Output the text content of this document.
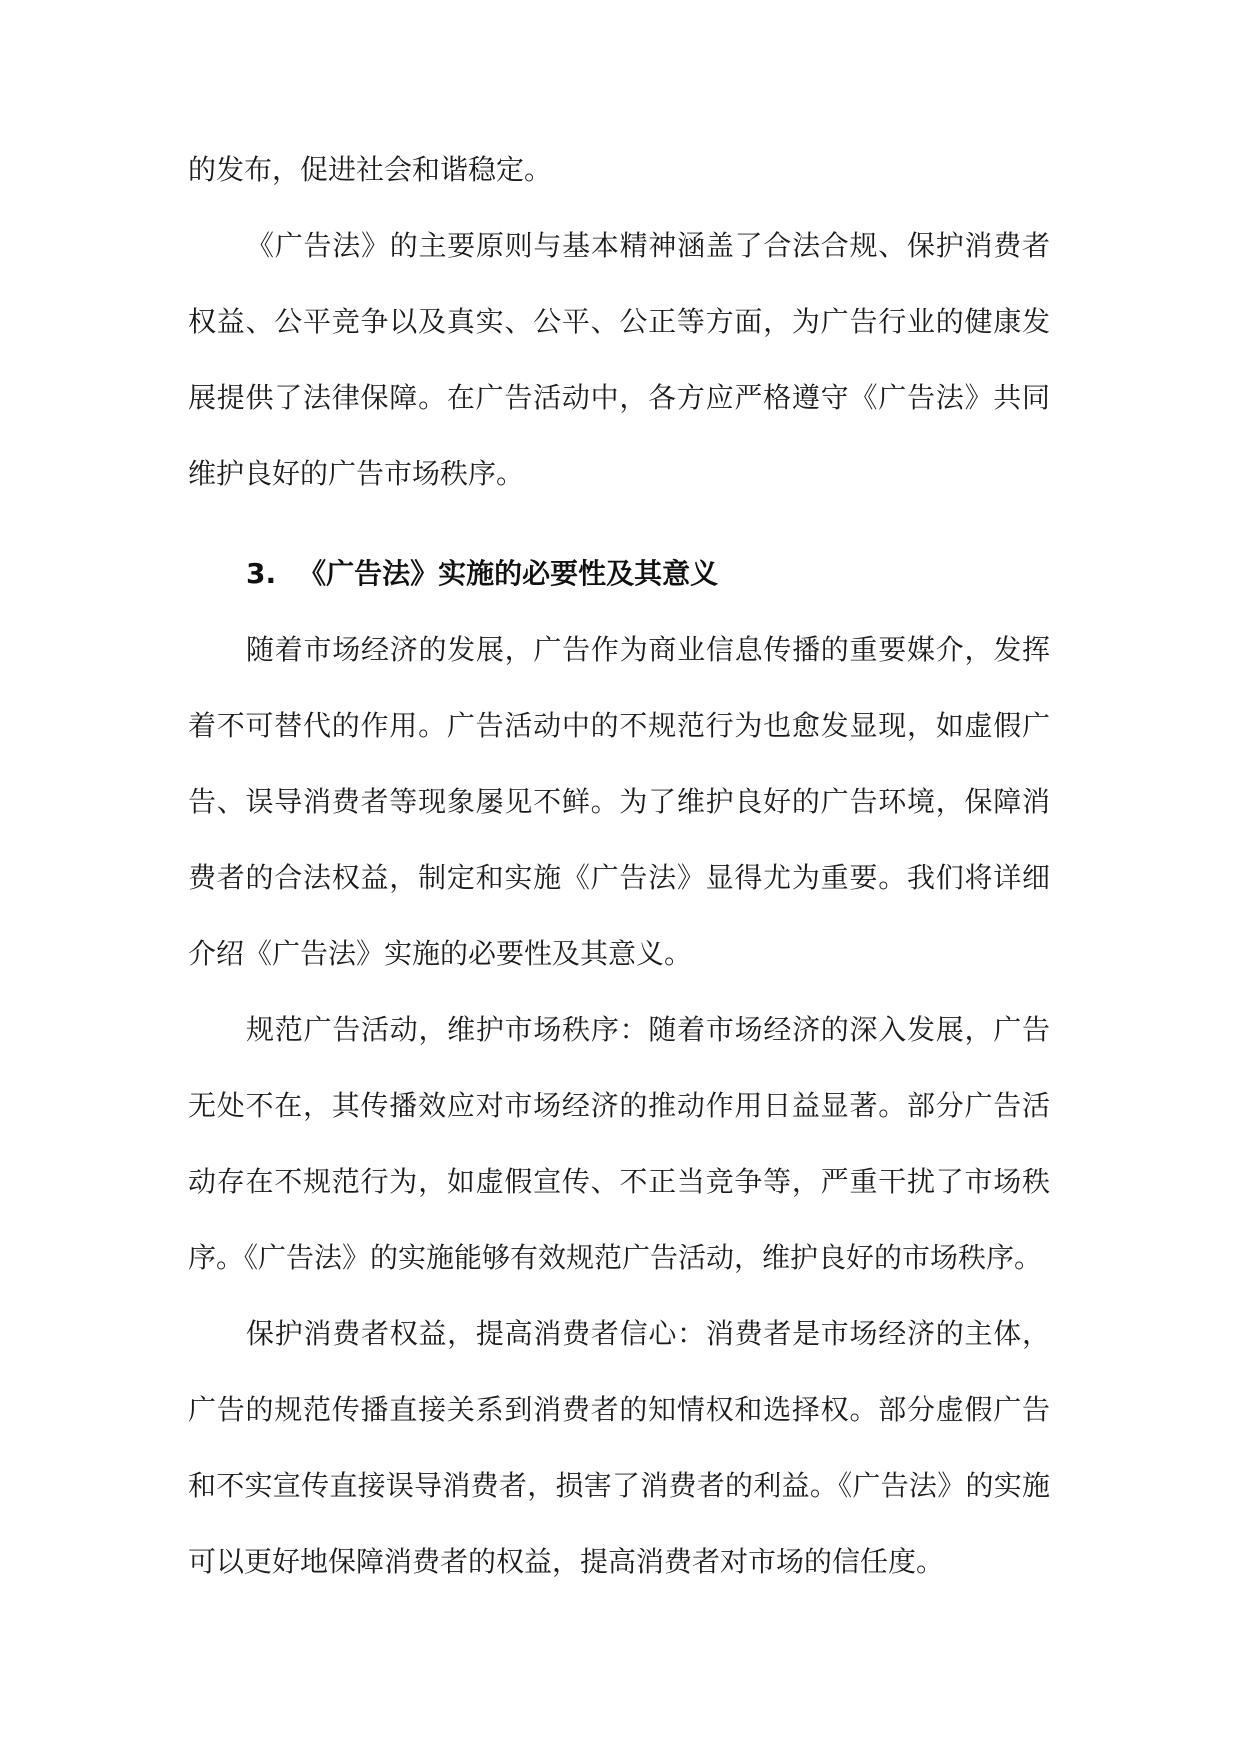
的发布，促进社会和谐稳定。

《广告法》的主要原则与基本精神涵盖了合法合规、保护消费者权益、公平竞争以及真实、公平、公正等方面，为广告行业的健康发展提供了法律保障。在广告活动中，各方应严格遵守《广告法》共同维护良好的广告市场秩序。

3. 《广告法》实施的必要性及其意义

随着市场经济的发展，广告作为商业信息传播的重要媒介，发挥着不可替代的作用。广告活动中的不规范行为也愈发显现，如虚假广告、误导消费者等现象屡见不鲜。为了维护良好的广告环境，保障消费者的合法权益，制定和实施《广告法》显得尤为重要。我们将详细介绍《广告法》实施的必要性及其意义。

规范广告活动，维护市场秩序：随着市场经济的深入发展，广告无处不在，其传播效应对市场经济的推动作用日益显著。部分广告活动存在不规范行为，如虚假宣传、不正当竞争等，严重干扰了市场秩序。《广告法》的实施能够有效规范广告活动，维护良好的市场秩序。

保护消费者权益，提高消费者信心：消费者是市场经济的主体，广告的规范传播直接关系到消费者的知情权和选择权。部分虚假广告和不实宣传直接误导消费者，损害了消费者的利益。《广告法》的实施可以更好地保障消费者的权益，提高消费者对市场的信任度。
